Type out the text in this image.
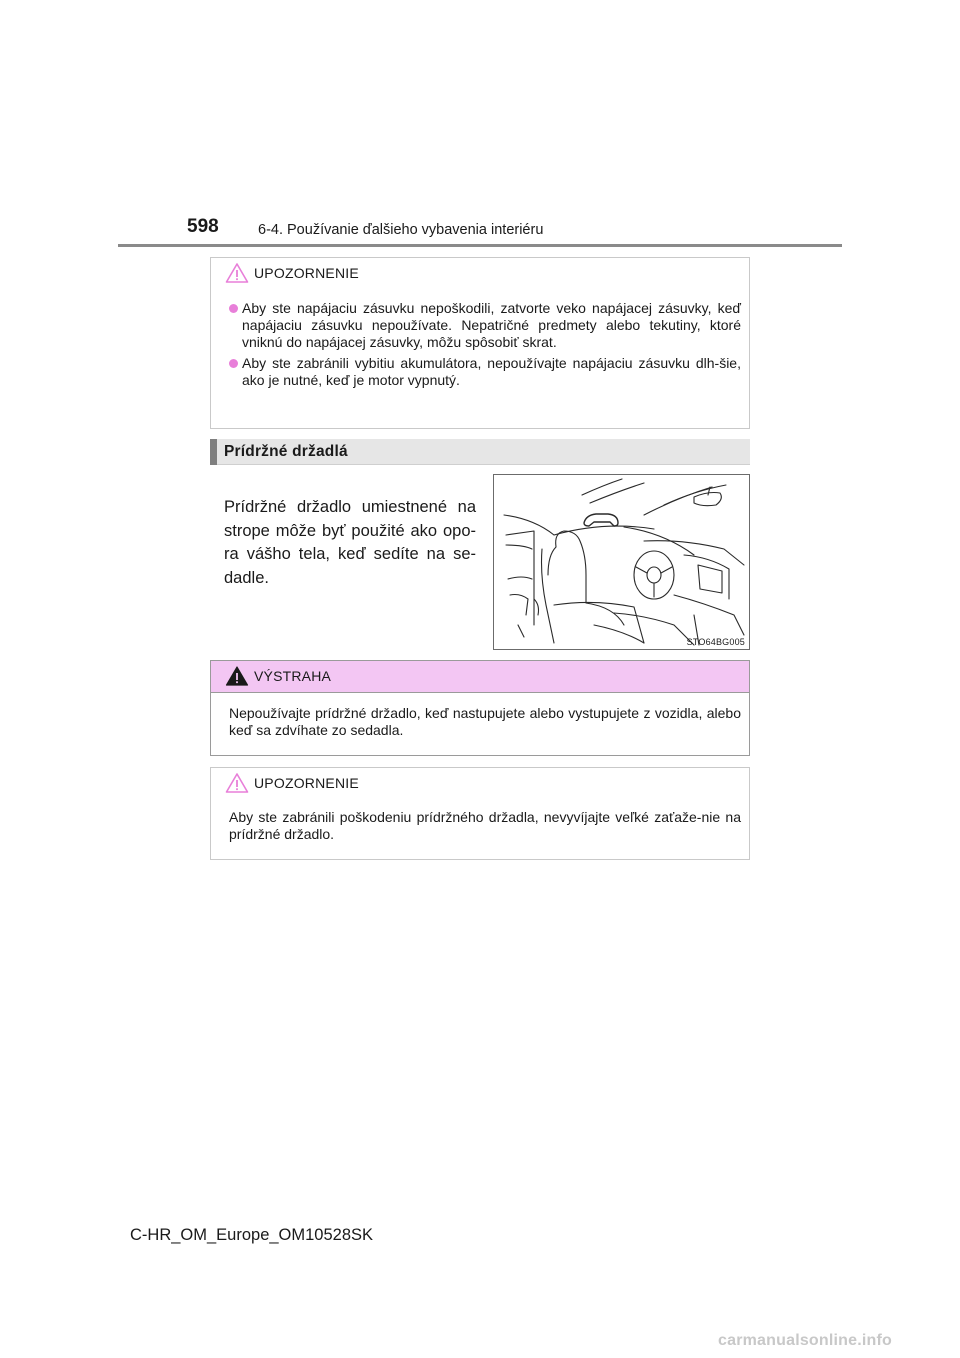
598	6-4. Používanie ďalšieho vybavenia interiéru
UPOZORNENIE
Aby ste napájaciu zásuvku nepoškodili, zatvorte veko napájacej zásuvky, keď napájaciu zásuvku nepoužívate. Nepatričné predmety alebo tekutiny, ktoré vniknú do napájacej zásuvky, môžu spôsobiť skrat.
Aby ste zabránili vybitiu akumulátora, nepoužívajte napájaciu zásuvku dlh-šie, ako je nutné, keď je motor vypnutý.
Prídržné držadlá
Prídržné držadlo umiestnené na strope môže byť použité ako opo-ra vášho tela, keď sedíte na se-dadle.
STO64BG005
VÝSTRAHA
Nepoužívajte prídržné držadlo, keď nastupujete alebo vystupujete z vozidla, alebo keď sa zdvíhate zo sedadla.
UPOZORNENIE
Aby ste zabránili poškodeniu prídržného držadla, nevyvíjajte veľké zaťaže-nie na prídržné držadlo.
C-HR_OM_Europe_OM10528SK
carmanualsonline.info
